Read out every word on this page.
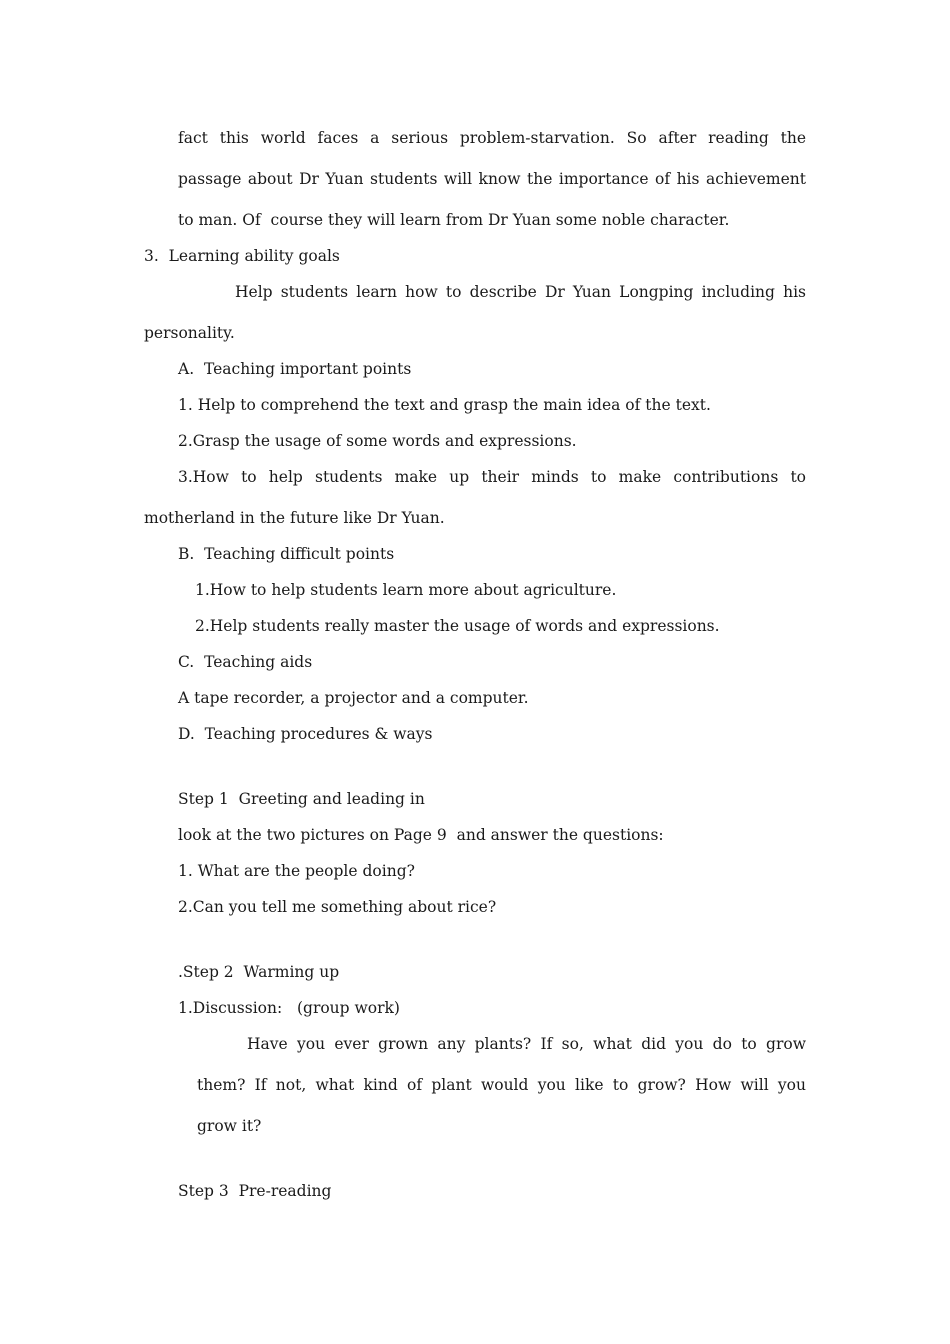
fact this world faces a serious problem-starvation. So after reading the

passage about Dr Yuan students will know the importance of his achievement

to man. Of  course they will learn from Dr Yuan some noble character.

3.  Learning ability goals

Help students learn how to describe Dr Yuan Longping including his

personality.

A.  Teaching important points

1. Help to comprehend the text and grasp the main idea of the text.

2.Grasp the usage of some words and expressions.

3.How to help students make up their minds to make contributions to

motherland in the future like Dr Yuan.

B.  Teaching difficult points

1.How to help students learn more about agriculture.

2.Help students really master the usage of words and expressions.

C.  Teaching aids

A tape recorder, a projector and a computer.

D.  Teaching procedures & ways

Step 1  Greeting and leading in

look at the two pictures on Page 9  and answer the questions:

1. What are the people doing?

2.Can you tell me something about rice?

.Step 2  Warming up

1.Discussion:   (group work)

Have you ever grown any plants? If so, what did you do to grow

them? If not, what kind of plant would you like to grow? How will you

grow it?

Step 3  Pre-reading
